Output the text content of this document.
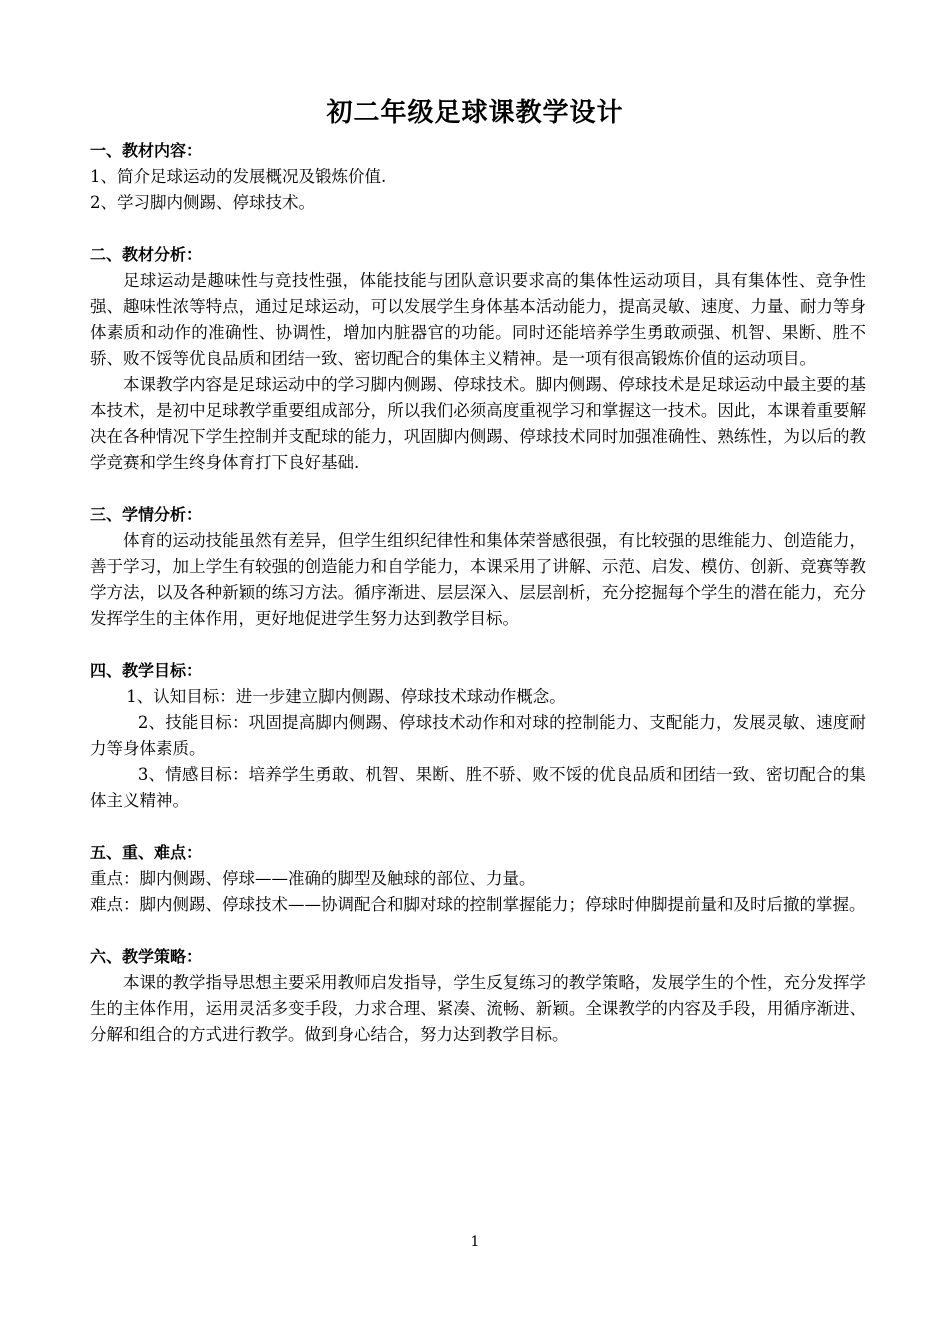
初二年级足球课教学设计

一、教材内容：

1、简介足球运动的发展概况及锻炼价值.

2、学习脚内侧踢、停球技术。

二、教材分析：

足球运动是趣味性与竞技性强，体能技能与团队意识要求高的集体性运动项目，具有集体性、竞争性强、趣味性浓等特点，通过足球运动，可以发展学生身体基本活动能力，提高灵敏、速度、力量、耐力等身体素质和动作的准确性、协调性，增加内脏器官的功能。同时还能培养学生勇敢顽强、机智、果断、胜不骄、败不馁等优良品质和团结一致、密切配合的集体主义精神。是一项有很高锻炼价值的运动项目。

本课教学内容是足球运动中的学习脚内侧踢、停球技术。脚内侧踢、停球技术是足球运动中最主要的基本技术，是初中足球教学重要组成部分，所以我们必须高度重视学习和掌握这一技术。因此，本课着重要解决在各种情况下学生控制并支配球的能力，巩固脚内侧踢、停球技术同时加强准确性、熟练性，为以后的教学竞赛和学生终身体育打下良好基础.

三、学情分析：

体育的运动技能虽然有差异，但学生组织纪律性和集体荣誉感很强，有比较强的思维能力、创造能力，善于学习，加上学生有较强的创造能力和自学能力，本课采用了讲解、示范、启发、模仿、创新、竞赛等教学方法，以及各种新颖的练习方法。循序渐进、层层深入、层层剖析，充分挖掘每个学生的潜在能力，充分发挥学生的主体作用，更好地促进学生努力达到教学目标。

四、教学目标：

1、认知目标：进一步建立脚内侧踢、停球技术球动作概念。

2、技能目标：巩固提高脚内侧踢、停球技术动作和对球的控制能力、支配能力，发展灵敏、速度耐力等身体素质。

3、情感目标：培养学生勇敢、机智、果断、胜不骄、败不馁的优良品质和团结一致、密切配合的集体主义精神。

五、重、难点：

重点：脚内侧踢、停球——准确的脚型及触球的部位、力量。

难点：脚内侧踢、停球技术——协调配合和脚对球的控制掌握能力；停球时伸脚提前量和及时后撤的掌握。

六、教学策略：

本课的教学指导思想主要采用教师启发指导，学生反复练习的教学策略，发展学生的个性，充分发挥学生的主体作用，运用灵活多变手段，力求合理、紧凑、流畅、新颖。全课教学的内容及手段，用循序渐进、分解和组合的方式进行教学。做到身心结合，努力达到教学目标。

1
